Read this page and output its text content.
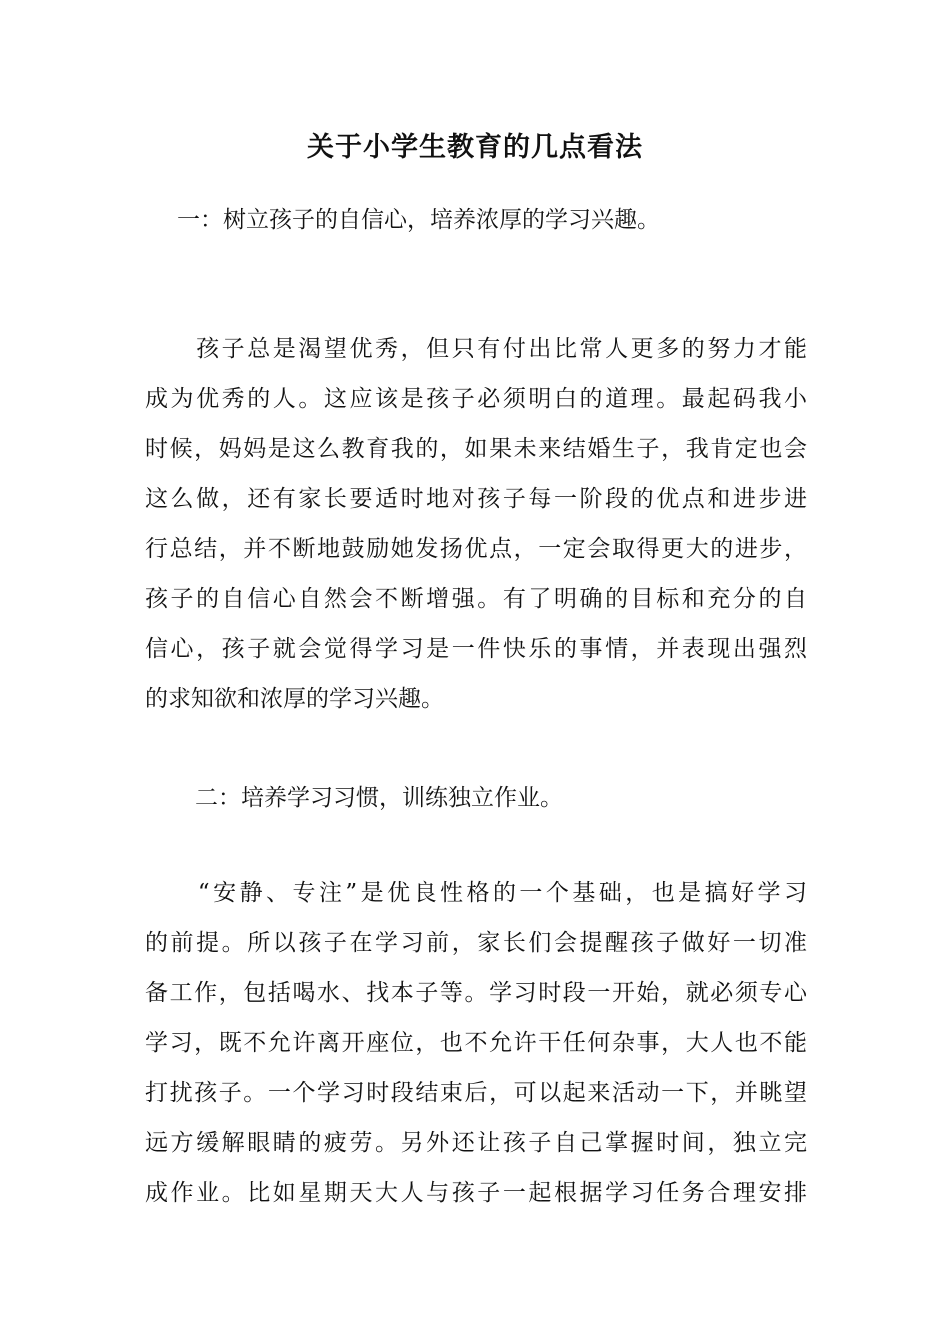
关于小学生教育的几点看法
一：树立孩子的自信心，培养浓厚的学习兴趣。
　　孩子总是渴望优秀，但只有付出比常人更多的努力才能
成为优秀的人。这应该是孩子必须明白的道理。最起码我小
时候，妈妈是这么教育我的，如果未来结婚生子，我肯定也会
这么做，还有家长要适时地对孩子每一阶段的优点和进步进
行总结，并不断地鼓励她发扬优点，一定会取得更大的进步，
孩子的自信心自然会不断增强。有了明确的目标和充分的自
信心，孩子就会觉得学习是一件快乐的事情，并表现出强烈
的求知欲和浓厚的学习兴趣。
二：培养学习习惯，训练独立作业。
　　“安静、专注”是优良性格的一个基础，也是搞好学习
的前提。所以孩子在学习前，家长们会提醒孩子做好一切准
备工作，包括喝水、找本子等。学习时段一开始，就必须专心
学习，既不允许离开座位，也不允许干任何杂事，大人也不能
打扰孩子。一个学习时段结束后，可以起来活动一下，并眺望
远方缓解眼睛的疲劳。另外还让孩子自己掌握时间，独立完
成作业。比如星期天大人与孩子一起根据学习任务合理安排
